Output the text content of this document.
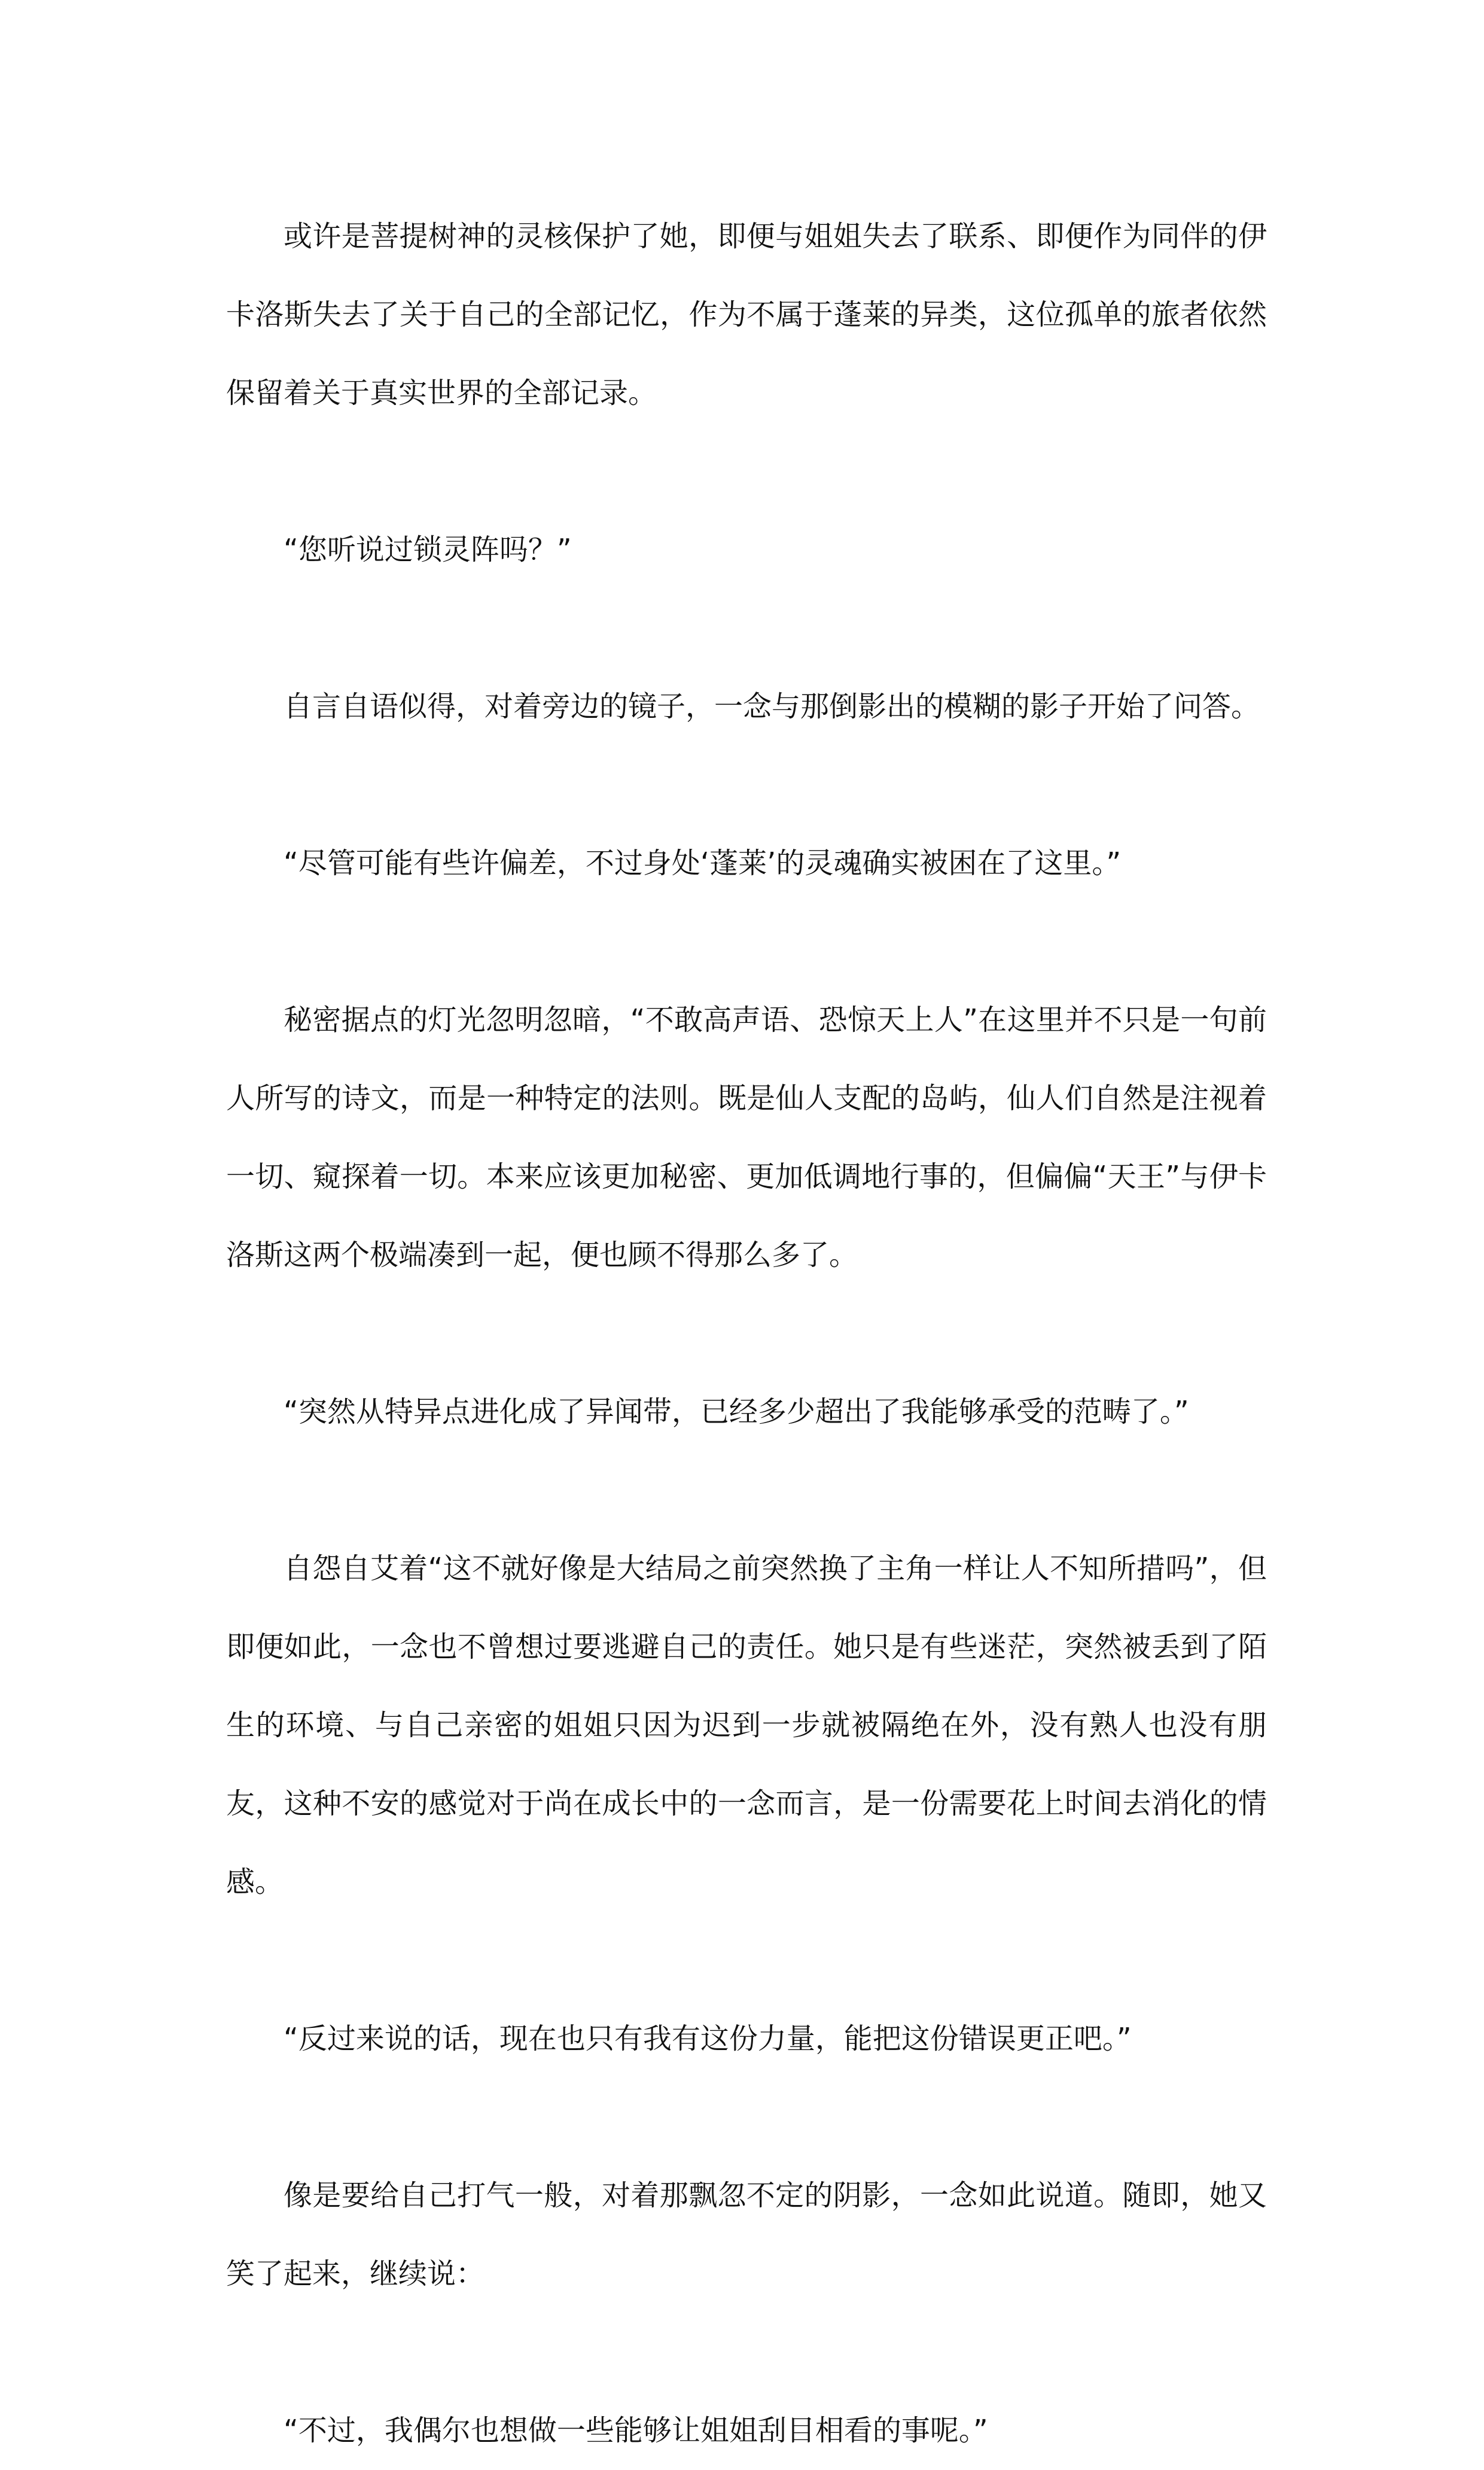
或许是菩提树神的灵核保护了她，即便与姐姐失去了联系、即便作为同伴的伊卡洛斯失去了关于自己的全部记忆，作为不属于蓬莱的异类，这位孤单的旅者依然保留着关于真实世界的全部记录。

“您听说过锁灵阵吗？”

自言自语似得，对着旁边的镜子，一念与那倒影出的模糊的影子开始了问答。

“尽管可能有些许偏差，不过身处‘蓬莱’的灵魂确实被困在了这里。”

秘密据点的灯光忽明忽暗，“不敢高声语、恐惊天上人”在这里并不只是一句前人所写的诗文，而是一种特定的法则。既是仙人支配的岛屿，仙人们自然是注视着一切、窥探着一切。本来应该更加秘密、更加低调地行事的，但偏偏“天王”与伊卡洛斯这两个极端凑到一起，便也顾不得那么多了。

“突然从特异点进化成了异闻带，已经多少超出了我能够承受的范畴了。”

自怨自艾着“这不就好像是大结局之前突然换了主角一样让人不知所措吗”，但即便如此，一念也不曾想过要逃避自己的责任。她只是有些迷茫，突然被丢到了陌生的环境、与自己亲密的姐姐只因为迟到一步就被隔绝在外，没有熟人也没有朋友，这种不安的感觉对于尚在成长中的一念而言，是一份需要花上时间去消化的情感。

“反过来说的话，现在也只有我有这份力量，能把这份错误更正吧。”

像是要给自己打气一般，对着那飘忽不定的阴影，一念如此说道。随即，她又笑了起来，继续说：

“不过，我偶尔也想做一些能够让姐姐刮目相看的事呢。”
